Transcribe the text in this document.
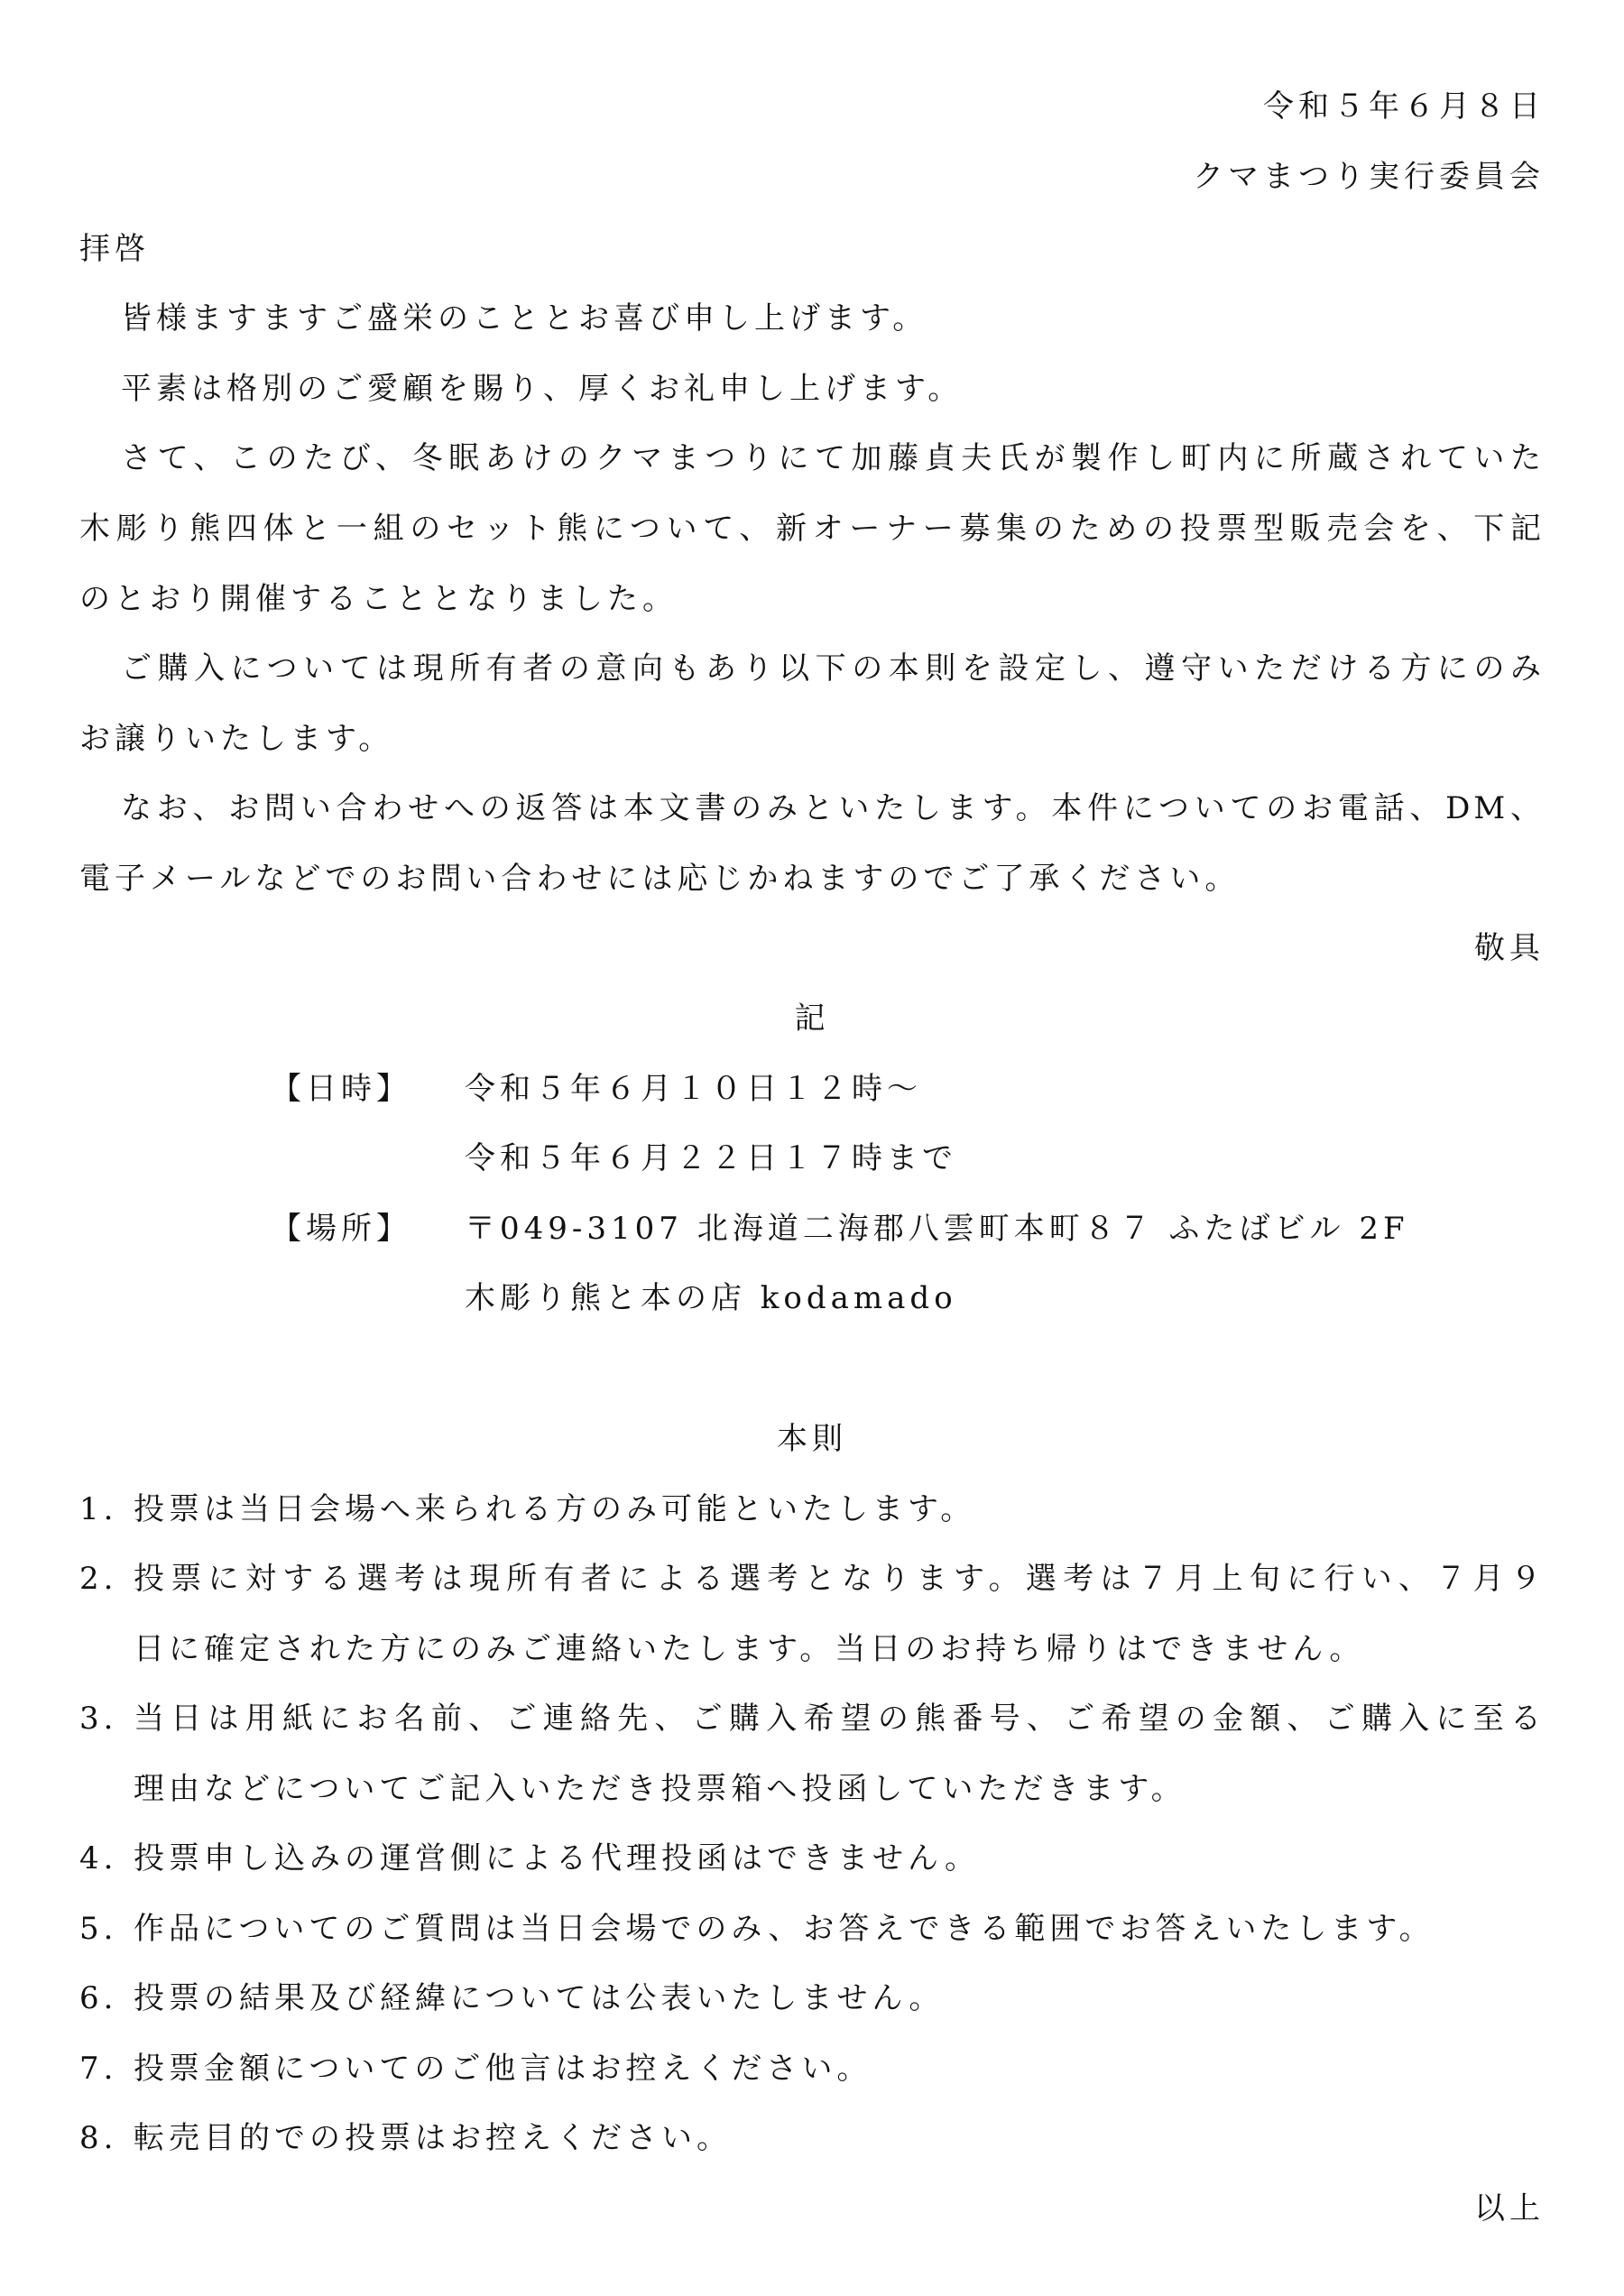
令和５年６月８日
クマまつり実行委員会
拝啓
皆様ますますご盛栄のこととお喜び申し上げます。
平素は格別のご愛顧を賜り、厚くお礼申し上げます。
さて、このたび、冬眠あけのクマまつりにて加藤貞夫氏が製作し町内に所蔵されていた
木彫り熊四体と一組のセット熊について、新オーナー募集のための投票型販売会を、下記
のとおり開催することとなりました。
ご購入については現所有者の意向もあり以下の本則を設定し、遵守いただける方にのみ
お譲りいたします。
なお、お問い合わせへの返答は本文書のみといたします。本件についてのお電話、DM、
電子メールなどでのお問い合わせには応じかねますのでご了承ください。
敬具
記
【日時】 令和５年６月１０日１２時～
令和５年６月２２日１７時まで
【場所】 〒049-3107 北海道二海郡八雲町本町８７ ふたばビル 2F
木彫り熊と本の店 kodamado
本則
1. 投票は当日会場へ来られる方のみ可能といたします。
2. 投票に対する選考は現所有者による選考となります。選考は７月上旬に行い、７月９
日に確定された方にのみご連絡いたします。当日のお持ち帰りはできません。
3. 当日は用紙にお名前、ご連絡先、ご購入希望の熊番号、ご希望の金額、ご購入に至る
理由などについてご記入いただき投票箱へ投函していただきます。
4. 投票申し込みの運営側による代理投函はできません。
5. 作品についてのご質問は当日会場でのみ、お答えできる範囲でお答えいたします。
6. 投票の結果及び経緯については公表いたしません。
7. 投票金額についてのご他言はお控えください。
8. 転売目的での投票はお控えください。
以上
